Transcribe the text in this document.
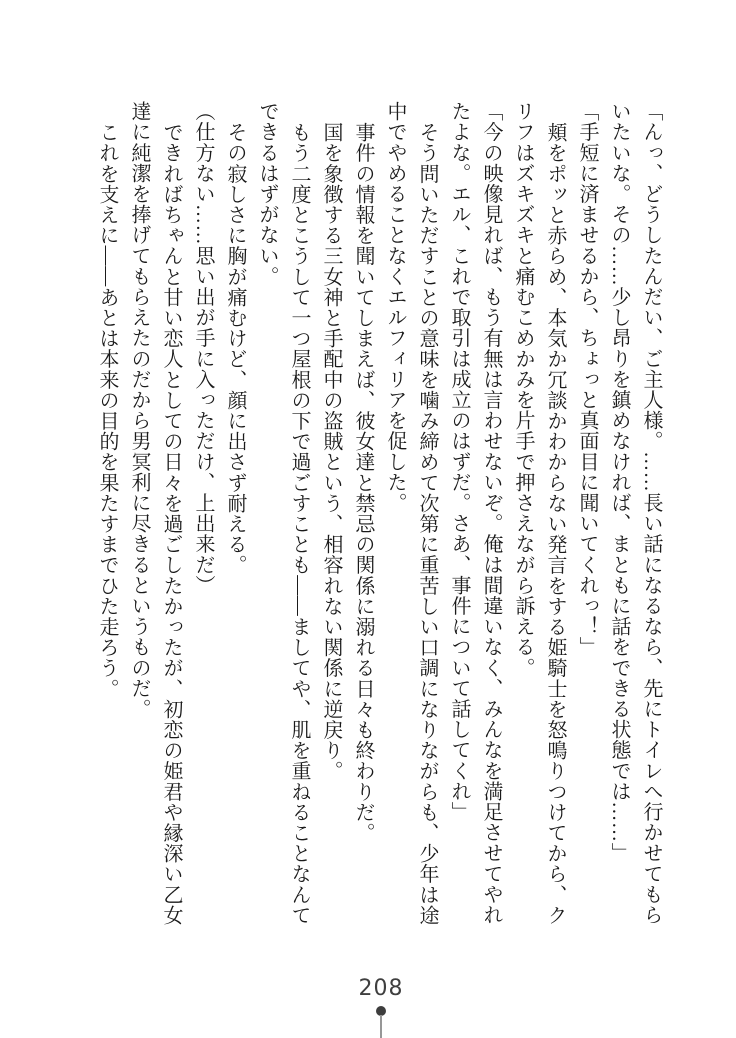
「んっ、どうしたんだい、ご主人様。……長い話になるなら、先にトイレへ行かせてもら

いたいな。その……少し昂りを鎮めなければ、まともに話をできる状態では……」

「手短に済ませるから、ちょっと真面目に聞いてくれっ！」

頬をポッと赤らめ、本気か冗談かわからない発言をする姫騎士を怒鳴りつけてから、ク

リフはズキズキと痛むこめかみを片手で押さえながら訴える。

「今の映像見れば、もう有無は言わせないぞ。俺は間違いなく、みんなを満足させてやれ

たよな。エル、これで取引は成立のはずだ。さあ、事件について話してくれ」

そう問いただすことの意味を噛み締めて次第に重苦しい口調になりながらも、少年は途

中でやめることなくエルフィリアを促した。

事件の情報を聞いてしまえば、彼女達と禁忌の関係に溺れる日々も終わりだ。

国を象徴する三女神と手配中の盗賊という、相容れない関係に逆戻り。

もう二度とこうして一つ屋根の下で過ごすことも――ましてや、肌を重ねることなんて

できるはずがない。

その寂しさに胸が痛むけど、顔に出さず耐える。

（仕方ない……思い出が手に入っただけ、上出来だ）

できればちゃんと甘い恋人としての日々を過ごしたかったが、初恋の姫君や縁深い乙女

達に純潔を捧げてもらえたのだから男冥利に尽きるというものだ。

これを支えに――あとは本来の目的を果たすまでひた走ろう。

208
